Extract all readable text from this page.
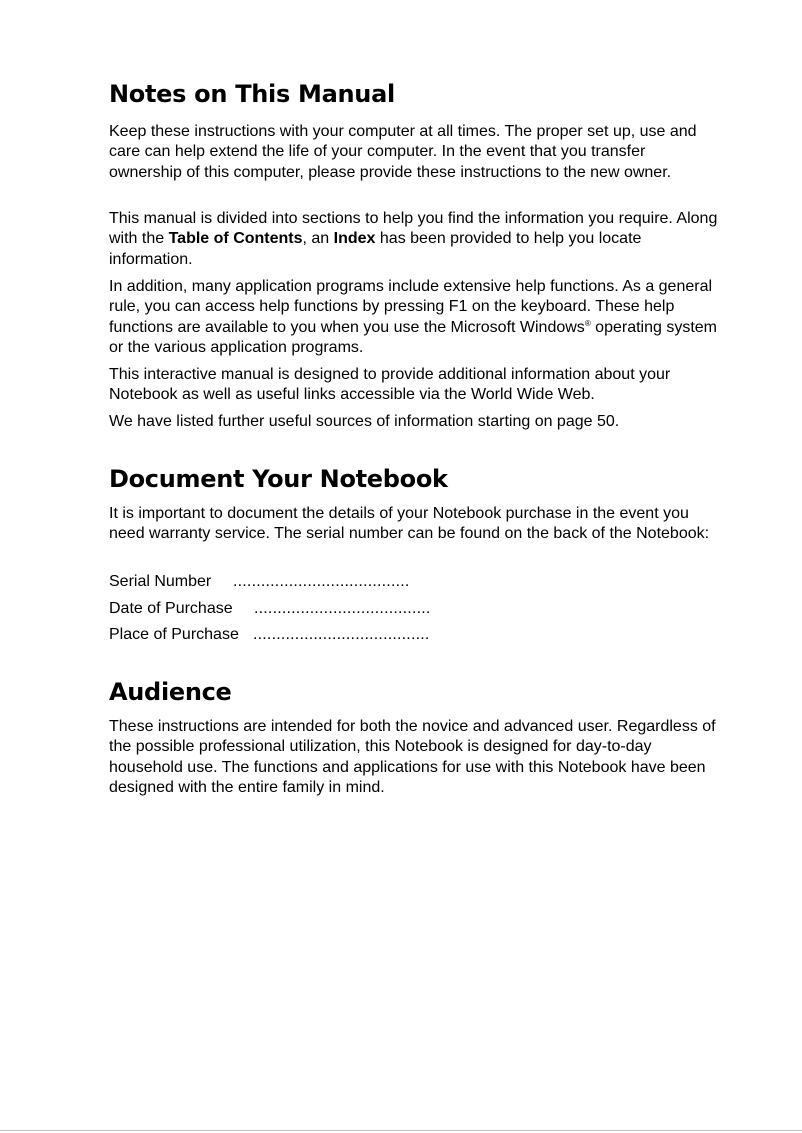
Notes on This Manual

Keep these instructions with your computer at all times. The proper set up, use and care can help extend the life of your computer. In the event that you transfer ownership of this computer, please provide these instructions to the new owner.

This manual is divided into sections to help you find the information you require. Along with the Table of Contents, an Index has been provided to help you locate information.

In addition, many application programs include extensive help functions. As a general rule, you can access help functions by pressing F1 on the keyboard. These help functions are available to you when you use the Microsoft Windows® operating system or the various application programs.

This interactive manual is designed to provide additional information about your Notebook as well as useful links accessible via the World Wide Web.

We have listed further useful sources of information starting on page 50.

Document Your Notebook

It is important to document the details of your Notebook purchase in the event you need warranty service. The serial number can be found on the back of the Notebook:

Serial Number ......................................
Date of Purchase ......................................
Place of Purchase ......................................
Audience

These instructions are intended for both the novice and advanced user. Regardless of the possible professional utilization, this Notebook is designed for day-to-day household use. The functions and applications for use with this Notebook have been designed with the entire family in mind.
